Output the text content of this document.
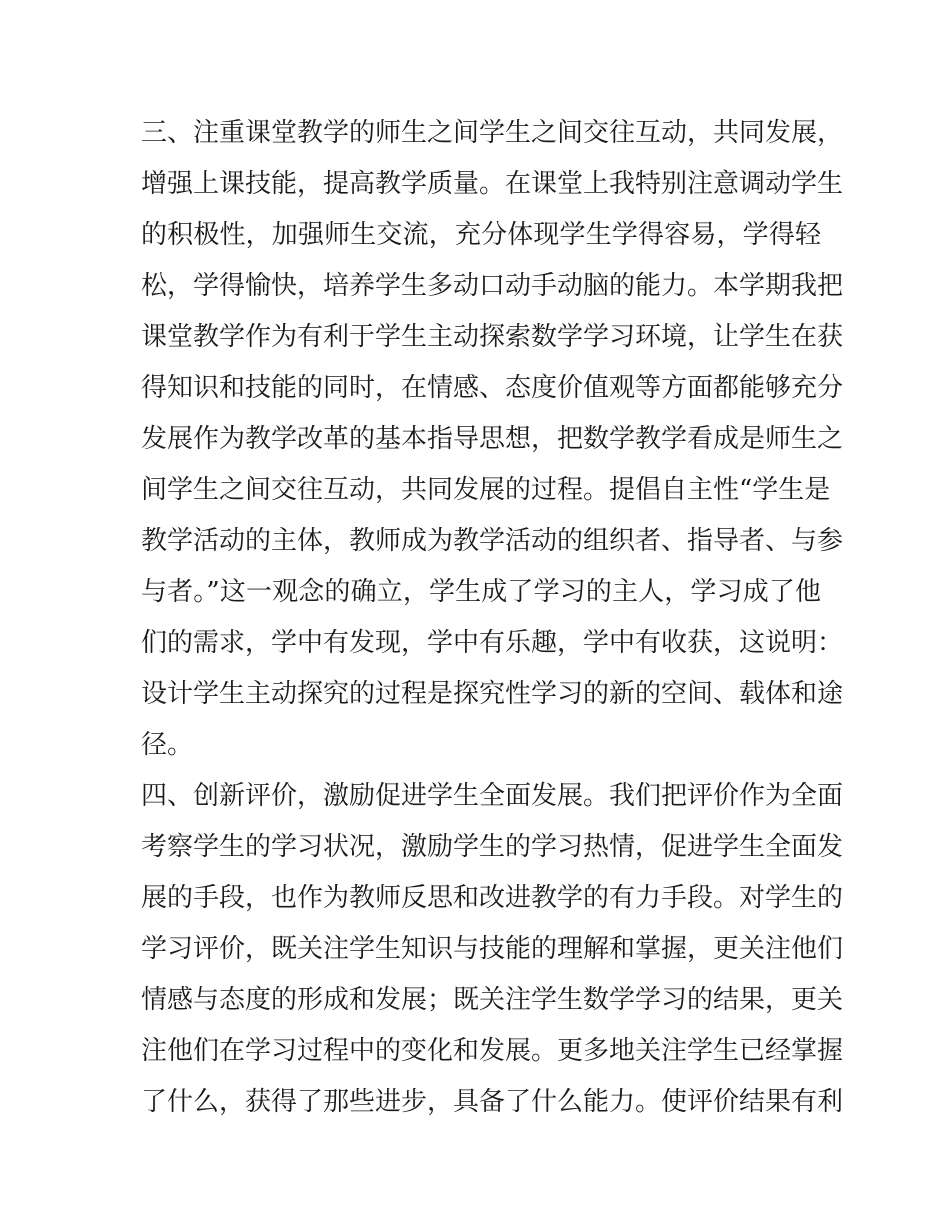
三、注重课堂教学的师生之间学生之间交往互动，共同发展，
增强上课技能，提高教学质量。在课堂上我特别注意调动学生
的积极性，加强师生交流，充分体现学生学得容易，学得轻
松，学得愉快，培养学生多动口动手动脑的能力。本学期我把
课堂教学作为有利于学生主动探索数学学习环境，让学生在获
得知识和技能的同时，在情感、态度价值观等方面都能够充分
发展作为教学改革的基本指导思想，把数学教学看成是师生之
间学生之间交往互动，共同发展的过程。提倡自主性“学生是
教学活动的主体，教师成为教学活动的组织者、指导者、与参
与者。”这一观念的确立，学生成了学习的主人，学习成了他
们的需求，学中有发现，学中有乐趣，学中有收获，这说明：
设计学生主动探究的过程是探究性学习的新的空间、载体和途
径。
四、创新评价，激励促进学生全面发展。我们把评价作为全面
考察学生的学习状况，激励学生的学习热情，促进学生全面发
展的手段，也作为教师反思和改进教学的有力手段。对学生的
学习评价，既关注学生知识与技能的理解和掌握，更关注他们
情感与态度的形成和发展；既关注学生数学学习的结果，更关
注他们在学习过程中的变化和发展。更多地关注学生已经掌握
了什么，获得了那些进步，具备了什么能力。使评价结果有利
